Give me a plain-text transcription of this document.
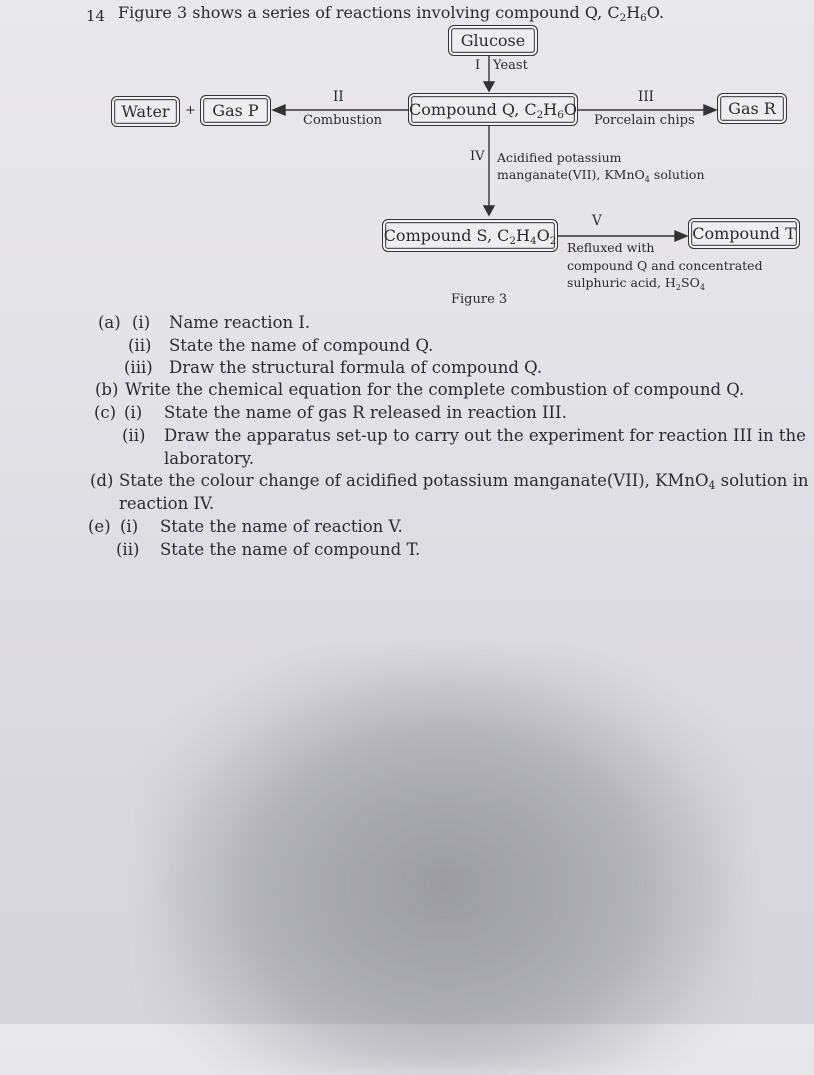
14 Figure 3 shows a series of reactions involving compound Q, $C_2H_6O$.
Glucose
Water + Gas P	Compound Q, $C_2H_6O$	Gas R
Compound S, $C_2H_4O_2$	Compound T
I Yeast
II
Combustion
III
Porcelain chips
IV Acidified potassium
manganate(VII), KMnO$_4$ solution
V
Refluxed with
compound Q and concentrated
sulphuric acid, $H_2SO_4$
Figure 3
(a) (i) Name reaction I.
(ii) State the name of compound Q.
(iii) Draw the structural formula of compound Q.
(b) Write the chemical equation for the complete combustion of compound Q.
(c) (i) State the name of gas R released in reaction III.
(ii) Draw the apparatus set-up to carry out the experiment for reaction III in the
laboratory.
(d) State the colour change of acidified potassium manganate(VII), KMnO$_4$ solution in
reaction IV.
(e) (i) State the name of reaction V.
(ii) State the name of compound T.
